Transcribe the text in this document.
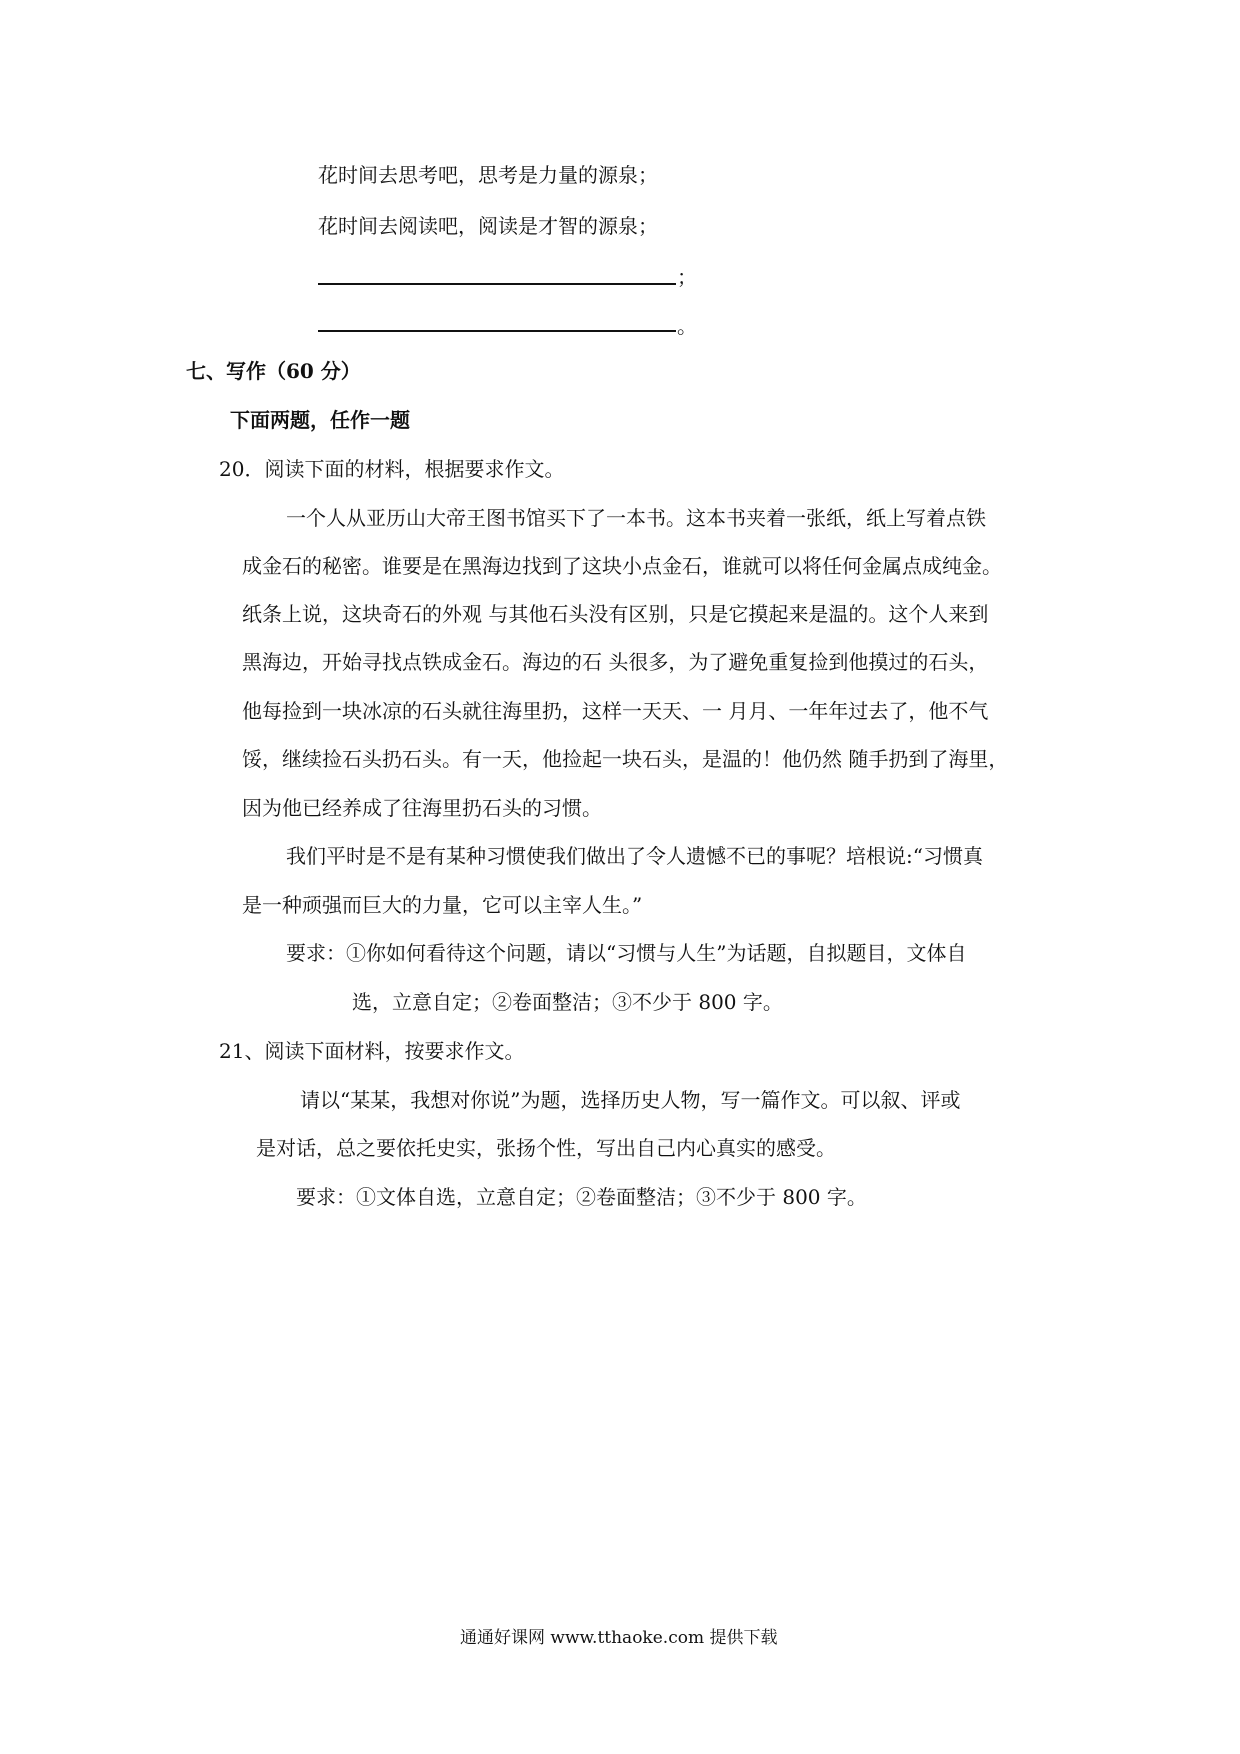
花时间去思考吧，思考是力量的源泉；
花时间去阅读吧，阅读是才智的源泉；
；
。
七、写作（60 分）
下面两题，任作一题
20．阅读下面的材料，根据要求作文。
一个人从亚历山大帝王图书馆买下了一本书。这本书夹着一张纸，纸上写着点铁
成金石的秘密。谁要是在黑海边找到了这块小点金石，谁就可以将任何金属点成纯金。
纸条上说，这块奇石的外观 与其他石头没有区别，只是它摸起来是温的。这个人来到
黑海边，开始寻找点铁成金石。海边的石 头很多，为了避免重复捡到他摸过的石头，
他每捡到一块冰凉的石头就往海里扔，这样一天天、一 月月、一年年过去了，他不气
馁，继续捡石头扔石头。有一天，他捡起一块石头，是温的！他仍然 随手扔到了海里，
因为他已经养成了往海里扔石头的习惯。
我们平时是不是有某种习惯使我们做出了令人遗憾不已的事呢？培根说:“习惯真
是一种顽强而巨大的力量，它可以主宰人生。”
要求：①你如何看待这个问题，请以“习惯与人生”为话题，自拟题目，文体自
选，立意自定；②卷面整洁；③不少于 800 字。
21、阅读下面材料，按要求作文。
请以“某某，我想对你说”为题，选择历史人物，写一篇作文。可以叙、评或
是对话，总之要依托史实，张扬个性，写出自己内心真实的感受。
要求：①文体自选，立意自定；②卷面整洁；③不少于 800 字。
通通好课网 www.tthaoke.com 提供下载
